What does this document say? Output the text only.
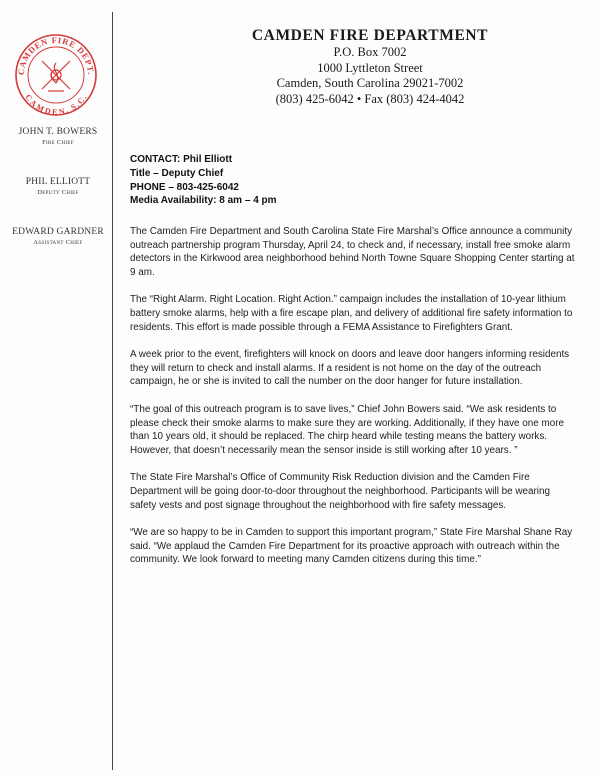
CAMDEN FIRE DEPT.
CAMDEN, S.C.
CAMDEN FIRE DEPARTMENT
P.O. Box 7002
1000 Lyttleton Street
Camden, South Carolina 29021-7002
(803) 425-6042 • Fax (803) 424-4042
JOHN T. BOWERS
Fire Chief
PHIL ELLIOTT
Deputy Chief
EDWARD GARDNER
Assistant Chief
CONTACT: Phil Elliott
Title – Deputy Chief
PHONE – 803-425-6042
Media Availability: 8 am – 4 pm

The Camden Fire Department and South Carolina State Fire Marshal’s Office announce a community outreach partnership program Thursday, April 24, to check and, if necessary, install free smoke alarm detectors in the Kirkwood area neighborhood behind North Towne Square Shopping Center starting at 9 am.

The “Right Alarm. Right Location. Right Action.” campaign includes the installation of 10-year lithium battery smoke alarms, help with a fire escape plan, and delivery of additional fire safety information to residents. This effort is made possible through a FEMA Assistance to Firefighters Grant.

A week prior to the event, firefighters will knock on doors and leave door hangers informing residents they will return to check and install alarms. If a resident is not home on the day of the outreach campaign, he or she is invited to call the number on the door hanger for future installation.

“The goal of this outreach program is to save lives,” Chief John Bowers said. “We ask residents to please check their smoke alarms to make sure they are working. Additionally, if they have one more than 10 years old, it should be replaced. The chirp heard while testing means the battery works. However, that doesn’t necessarily mean the sensor inside is still working after 10 years. ”

The State Fire Marshal’s Office of Community Risk Reduction division and the Camden Fire Department will be going door-to-door throughout the neighborhood. Participants will be wearing safety vests and post signage throughout the neighborhood with fire safety messages.

“We are so happy to be in Camden to support this important program,” State Fire Marshal Shane Ray said. “We applaud the Camden Fire Department for its proactive approach with outreach within the community. We look forward to meeting many Camden citizens during this time.”
